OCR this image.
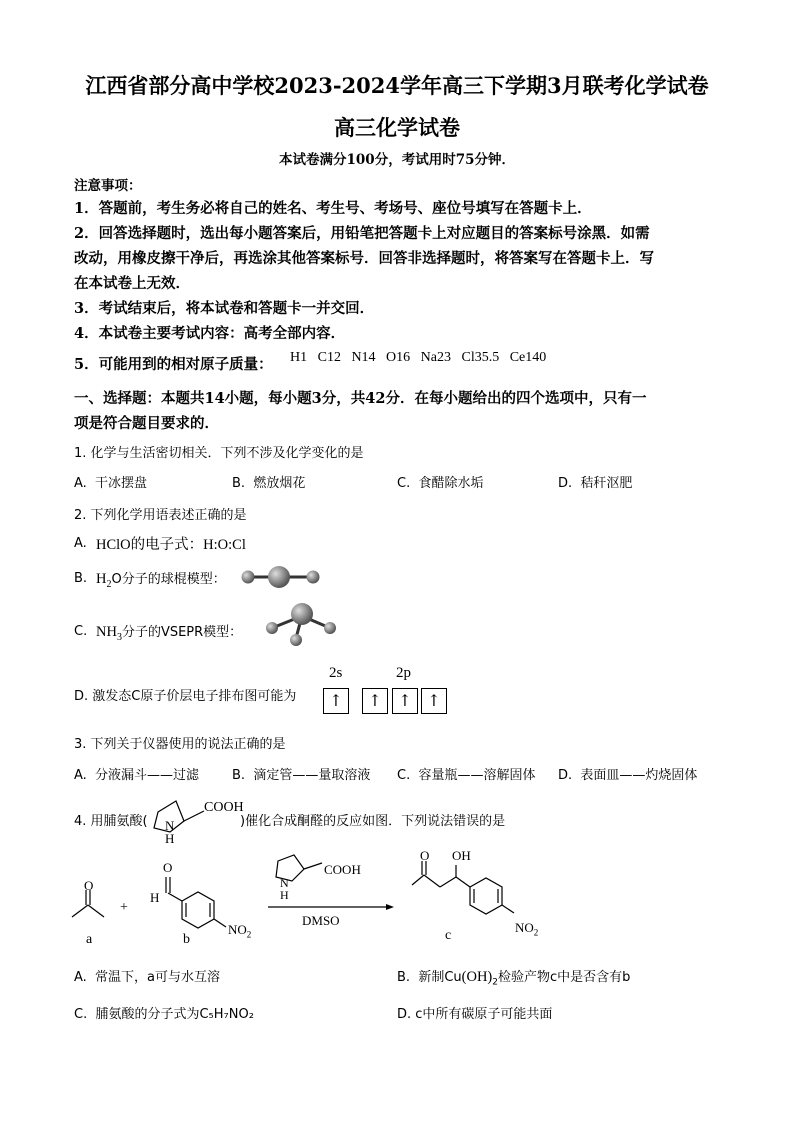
江西省部分高中学校2023-2024学年高三下学期3月联考化学试卷
高三化学试卷
本试卷满分100分，考试用时75分钟．
注意事项：
1．答题前，考生务必将自己的姓名、考生号、考场号、座位号填写在答题卡上．
2．回答选择题时，选出每小题答案后，用铅笔把答题卡上对应题目的答案标号涂黑．如需
改动，用橡皮擦干净后，再选涂其他答案标号．回答非选择题时，将答案写在答题卡上．写
在本试卷上无效．
3．考试结束后，将本试卷和答题卡一并交回．
4．本试卷主要考试内容：高考全部内容．
5．可能用到的相对原子质量： H1   C12   N14   O16   Na23   Cl35.5   Ce140
一、选择题：本题共14小题，每小题3分，共42分．在每小题给出的四个选项中，只有一
项是符合题目要求的．
1. 化学与生活密切相关．下列不涉及化学变化的是
A.  干冰摆盘	B.  燃放烟花	C.  食醋除水垢	D.  秸秆沤肥
2. 下列化学用语表述正确的是
A. HClO的电子式：H:O:Cl
B. $H_2O$分子的球棍模型：
C. $NH_3$分子的VSEPR模型：
D. 激发态C原子价层电子排布图可能为
2s	2p
↑	↑	↑ ↑
3. 下列关于仪器使用的说法正确的是
A.  分液漏斗——过滤	B.  滴定管——量取溶液 C.  容量瓶——溶解固体 D.  表面皿——灼烧固体
4. 用脯氨酸(
COOH
N
H
)催化合成酮醛的反应如图．下列说法错误的是
O
a
+
O
H
$NO_2$
b
COOH
N
H
DMSO
O OH
$NO_2$
c
A.  常温下，a可与水互溶	B.  新制$Cu(OH)_2$检验产物c中是否含有b
C.  脯氨酸的分子式为C₅H₇NO₂	D. c中所有碳原子可能共面
